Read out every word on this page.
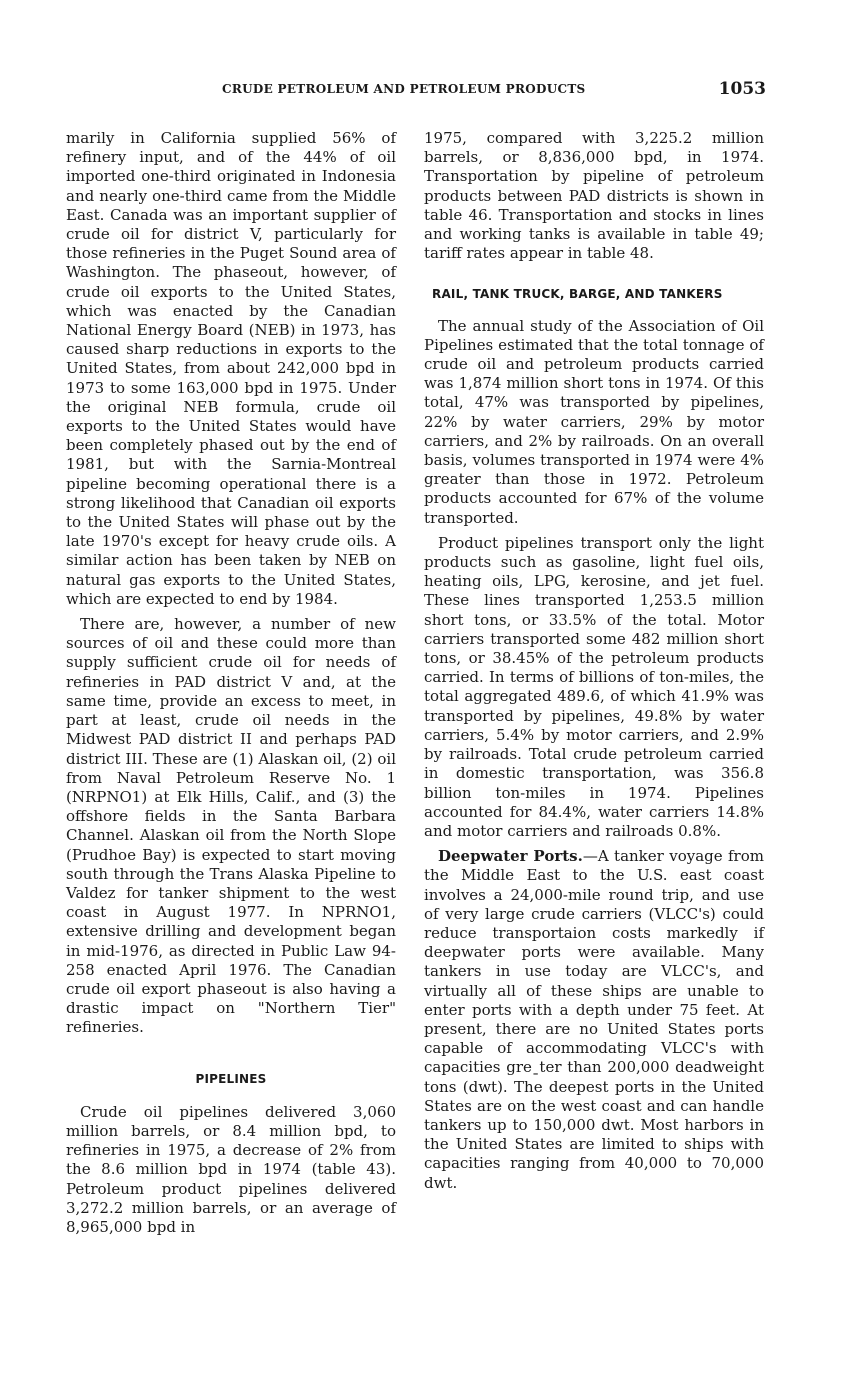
CRUDE PETROLEUM AND PETROLEUM PRODUCTS	1053

marily in California supplied 56% of refinery input, and of the 44% of oil imported one-third originated in Indonesia and nearly one-third came from the Middle East. Canada was an important supplier of crude oil for district V, particularly for those refineries in the Puget Sound area of Washington. The phaseout, however, of crude oil exports to the United States, which was enacted by the Canadian National Energy Board (NEB) in 1973, has caused sharp reductions in exports to the United States, from about 242,000 bpd in 1973 to some 163,000 bpd in 1975. Under the original NEB formula, crude oil exports to the United States would have been completely phased out by the end of 1981, but with the Sarnia-Montreal pipeline becoming operational there is a strong likelihood that Canadian oil exports to the United States will phase out by the late 1970's except for heavy crude oils. A similar action has been taken by NEB on natural gas exports to the United States, which are expected to end by 1984.

There are, however, a number of new sources of oil and these could more than supply sufficient crude oil for needs of refineries in PAD district V and, at the same time, provide an excess to meet, in part at least, crude oil needs in the Midwest PAD district II and perhaps PAD district III. These are (1) Alaskan oil, (2) oil from Naval Petroleum Reserve No. 1 (NRPNO1) at Elk Hills, Calif., and (3) the offshore fields in the Santa Barbara Channel. Alaskan oil from the North Slope (Prudhoe Bay) is expected to start moving south through the Trans Alaska Pipeline to Valdez for tanker shipment to the west coast in August 1977. In NPRNO1, extensive drilling and development began in mid-1976, as directed in Public Law 94-258 enacted April 1976. The Canadian crude oil export phaseout is also having a drastic impact on "Northern Tier" refineries.

PIPELINES

Crude oil pipelines delivered 3,060 million barrels, or 8.4 million bpd, to refineries in 1975, a decrease of 2% from the 8.6 million bpd in 1974 (table 43). Petroleum product pipelines delivered 3,272.2 million barrels, or an average of 8,965,000 bpd in

1975, compared with 3,225.2 million barrels, or 8,836,000 bpd, in 1974. Transportation by pipeline of petroleum products between PAD districts is shown in table 46. Transportation and stocks in lines and working tanks is available in table 49; tariff rates appear in table 48.

RAIL, TANK TRUCK, BARGE, AND TANKERS

The annual study of the Association of Oil Pipelines estimated that the total tonnage of crude oil and petroleum products carried was 1,874 million short tons in 1974. Of this total, 47% was transported by pipelines, 22% by water carriers, 29% by motor carriers, and 2% by railroads. On an overall basis, volumes transported in 1974 were 4% greater than those in 1972. Petroleum products accounted for 67% of the volume transported.

Product pipelines transport only the light products such as gasoline, light fuel oils, heating oils, LPG, kerosine, and jet fuel. These lines transported 1,253.5 million short tons, or 33.5% of the total. Motor carriers transported some 482 million short tons, or 38.45% of the petroleum products carried. In terms of billions of ton-miles, the total aggregated 489.6, of which 41.9% was transported by pipelines, 49.8% by water carriers, 5.4% by motor carriers, and 2.9% by railroads. Total crude petroleum carried in domestic transportation, was 356.8 billion ton-miles in 1974. Pipelines accounted for 84.4%, water carriers 14.8% and motor carriers and railroads 0.8%.

Deepwater Ports.—A tanker voyage from the Middle East to the U.S. east coast involves a 24,000-mile round trip, and use of very large crude carriers (VLCC's) could reduce transportaion costs markedly if deepwater ports were available. Many tankers in use today are VLCC's, and virtually all of these ships are unable to enter ports with a depth under 75 feet. At present, there are no United States ports capable of accommodating VLCC's with capacities greˍter than 200,000 deadweight tons (dwt). The deepest ports in the United States are on the west coast and can handle tankers up to 150,000 dwt. Most harbors in the United States are limited to ships with capacities ranging from 40,000 to 70,000 dwt.
